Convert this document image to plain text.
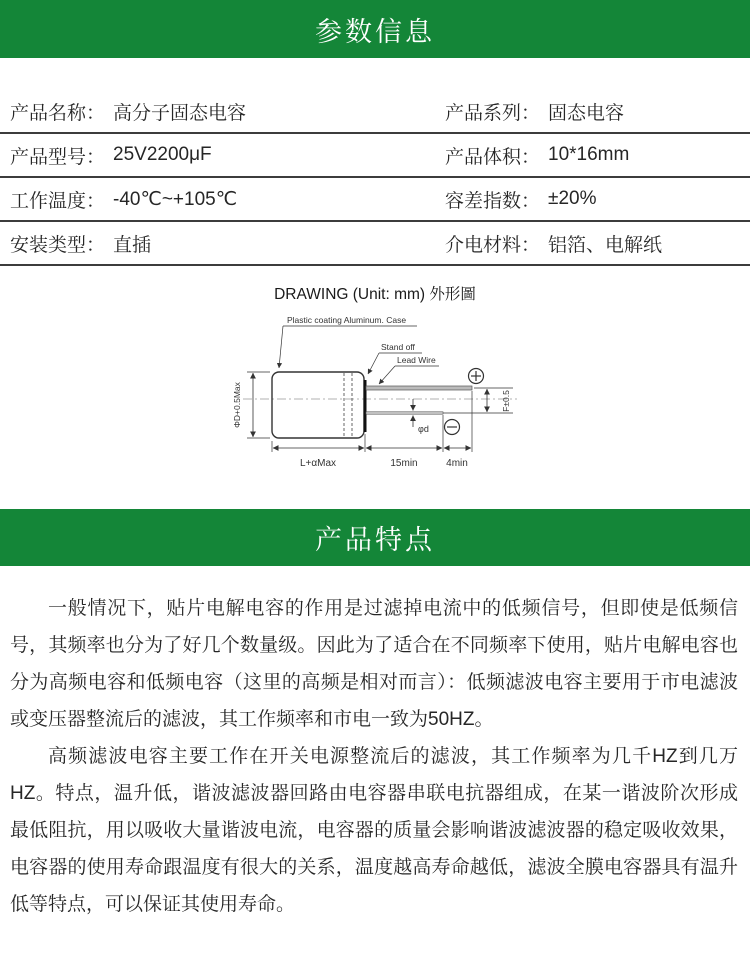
参数信息
产品名称： 高分子固态电容	产品系列： 固态电容
产品型号： 25V2200μF	产品体积： 10*16mm
工作温度： -40℃~+105℃	容差指数： ±20%
安装类型： 直插	介电材料： 铝箔、电解纸
DRAWING (Unit: mm) 外形圖
ΦD+0.5Max	F±0.5
φd
L+αMax	15min	4min
Plastic coating Aluminum. Case
Stand off
Lead Wire
产品特点

一般情况下，贴片电解电容的作用是过滤掉电流中的低频信号，但即使是低频信号，其频率也分为了好几个数量级。因此为了适合在不同频率下使用，贴片电解电容也分为高频电容和低频电容（这里的高频是相对而言）：低频滤波电容主要用于市电滤波或变压器整流后的滤波，其工作频率和市电一致为50HZ。

高频滤波电容主要工作在开关电源整流后的滤波，其工作频率为几千HZ到几万HZ。特点，温升低，谐波滤波器回路由电容器串联电抗器组成，在某一谐波阶次形成最低阻抗，用以吸收大量谐波电流，电容器的质量会影响谐波滤波器的稳定吸收效果，电容器的使用寿命跟温度有很大的关系，温度越高寿命越低，滤波全膜电容器具有温升低等特点，可以保证其使用寿命。
